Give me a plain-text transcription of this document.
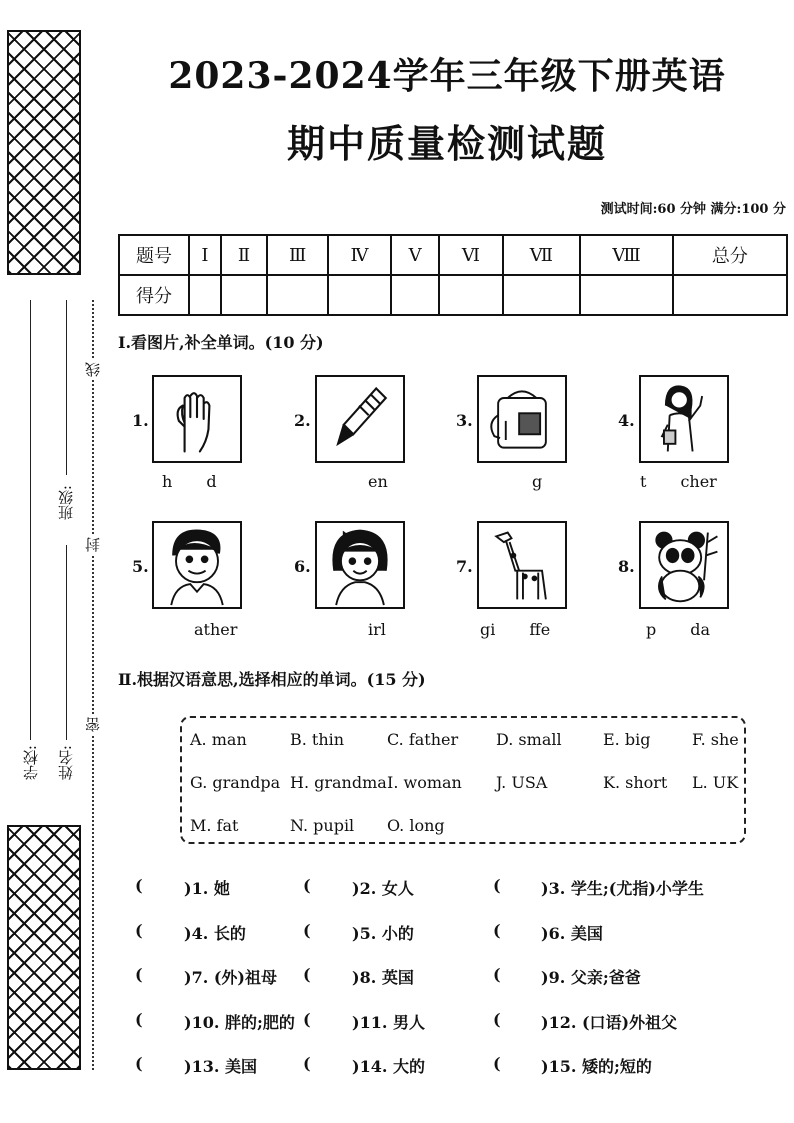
线
封
密
学校:
班级:
姓名:
2023-2024学年三年级下册英语
期中质量检测试题
测试时间:60 分钟 满分:100 分
题号	Ⅰ	Ⅱ	Ⅲ	Ⅳ	Ⅴ	Ⅵ	Ⅶ	Ⅷ	总分
得分									
Ⅰ.看图片,补全单词。(10 分)
1.
h d
2.
en
3.
g
4.
t cher
5.
ather
6.
irl
7.
gi ffe
8.
p da
Ⅱ.根据汉语意思,选择相应的单词。(15 分)
A. man	B. thin	C. father D. small	E. big	F. she
G. grandpa H. grandma I. woman J. USA	K. short L. UK
M. fat	N. pupil O. long
(	)1. 她	(	)2. 女人	(	)3. 学生;(尤指)小学生
(	)4. 长的	(	)5. 小的	(	)6. 美国
(	)7. (外)祖母 (	)8. 英国	(	)9. 父亲;爸爸
(	)10. 胖的;肥的 (	)11. 男人	(	)12. (口语)外祖父
(	)13. 美国	(	)14. 大的	(	)15. 矮的;短的
